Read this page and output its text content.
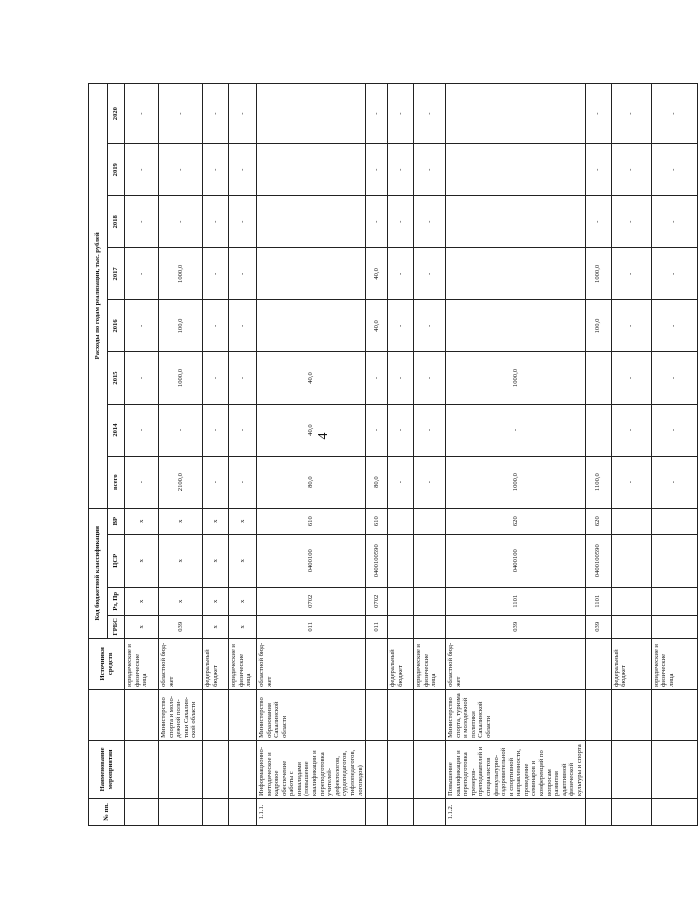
4
№ пп.	Наименование мероприятия		Источники средств	Код бюджетной классификации				Расходы по годам реализации, тыс. рублей							
				ГРБС	Рз, Пр	ЦСР	ВР	всего	2014	2015	2016	2017	2018	2019	2020
			юридические и физические лица	x	x	x	x	-	-	-	-	-	-	-	-
		Министерство спорта и моло-дежной поли-тики Сахалин-ской области	областной бюд-жет	039	x	x	x	2100,0	-	1000,0	100,0	1000,0	-	-	-
			федеральный бюджет	x	x	x	x	-	-	-	-	-	-	-	-
			юридические и физические лица	x	x	x	x	-	-	-	-	-	-	-	-
1.1.1.	Информационно-методическое и кадровое обеспечение работы с инвалидами (повышение квалификации и переподготовка учителей-дефектологов, сурдопедагогов, тифлопедагогов, логопедов)	Министерство образования Сахалинской области	областной бюд-жет	011	0702	0400100	610	80,0	40,0	40,0					
				011	0702	0400100590	610	80,0	-	-	40,0	40,0	-	-	-
			федеральный бюджет					-	-	-	-	-	-	-	-
			юридические и физические лица					-	-	-	-	-	-	-	-
1.1.2.	Повышение квалификации и переподготовка тренеров-преподавателей и специалистов физкультурно-оздоровительной и спортивной направленности, проведение семинаров и конференций по вопросам развития адаптивной физической культуры и спорта	Министерство спорта, туризма и молодежной политики Сахалинской области	областной бюд-жет	039	1101	0400100	620	1000,0	-	1000,0					
				039	1101	0400100590	620	1100,0			100,0	1000,0	-	-	-
			федеральный бюджет					-	-	-	-	-	-	-	-
			юридические и физические лица					-	-	-	-	-	-	-	-
